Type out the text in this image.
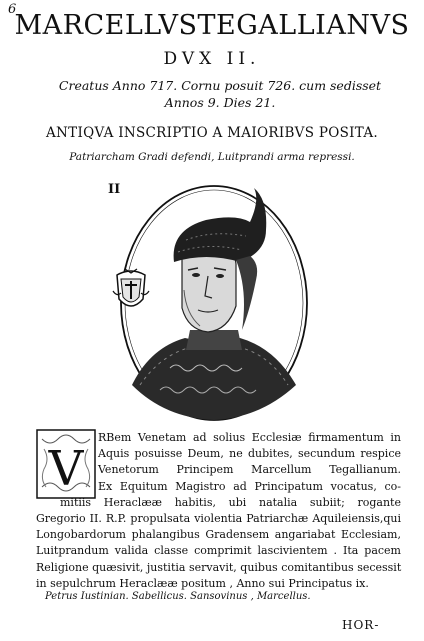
6
MARCELLVSTEGALLIANVS
DVX II.
Creatus Anno 717. Cornu posuit 726. cum sedisset
Annos 9. Dies 21.
ANTIQVA INSCRIPTIO A MAIORIBVS POSITA.
Patriarcham Gradi defendi, Luitprandi arma repressi.
II
V
RBem Venetam ad solius Ecclesiæ firmamentum in
Aquis posuisse Deum, ne dubites, secundum respice
Venetorum Principem Marcellum Tegallianum.
Ex Equitum Magistro ad Principatum vocatus, co-
mitiis Heraclææ habitis, ubi natalia subiit; rogante
Gregorio II. R.P. propulsata violentia Patriarchæ Aquileiensis,qui
Longobardorum phalangibus Gradensem angariabat Ecclesiam,
Luitprandum valida classe comprimit lascivientem . Ita pacem
Religione quæsivit, justitia servavit, quibus comitantibus secessit
in sepulchrum Heraclææ positum , Anno sui Principatus ix.
Petrus Iustinian. Sabellicus. Sansovinus , Marcellus.
HOR-
